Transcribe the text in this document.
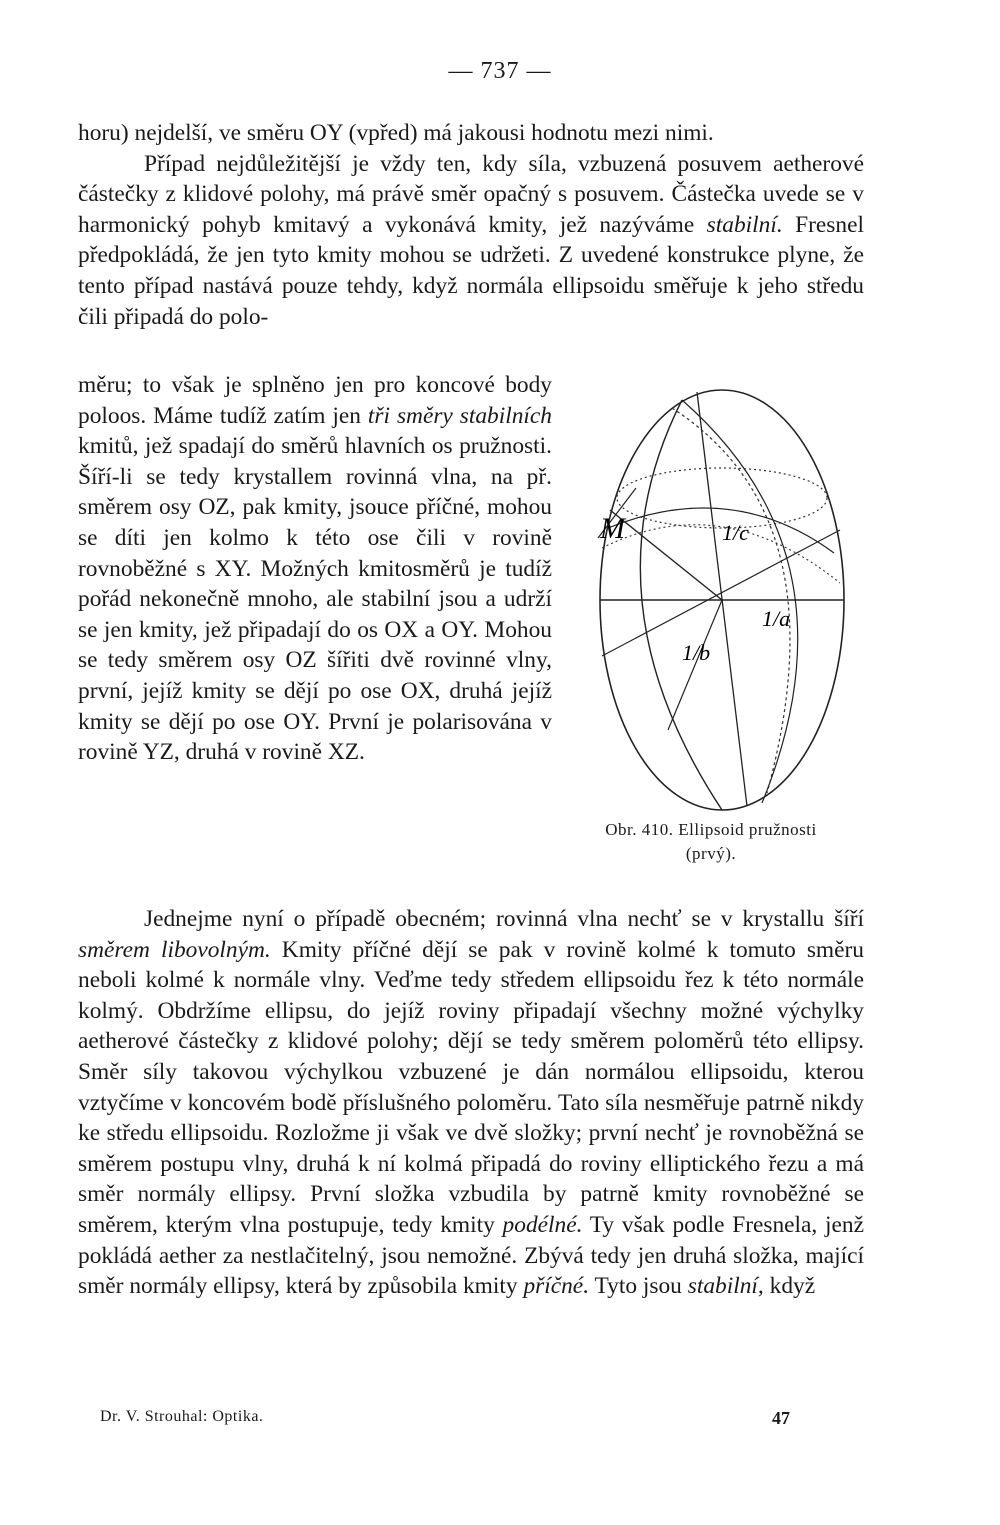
— 737 —

horu) nejdelší, ve směru OY (vpřed) má jakousi hodnotu mezi nimi.

Případ nejdůležitější je vždy ten, kdy síla, vzbuzená posuvem aetherové částečky z klidové polohy, má právě směr opačný s posuvem. Částečka uvede se v harmonický pohyb kmitavý a vykonává kmity, jež nazýváme stabilní. Fresnel předpokládá, že jen tyto kmity mohou se udržeti. Z uvedené konstrukce plyne, že tento případ nastává pouze tehdy, když normála ellipsoidu směřuje k jeho středu čili připadá do polo-

měru; to však je splněno jen pro koncové body poloos. Máme tudíž zatím jen tři směry stabilních kmitů, jež spadají do směrů hlavních os pružnosti. Šíří-li se tedy krystallem rovinná vlna, na př. směrem osy OZ, pak kmity, jsouce příčné, mohou se díti jen kolmo k této ose čili v rovině rovnoběžné s XY. Možných kmitosměrů je tudíž pořád nekonečně mnoho, ale stabilní jsou a udrží se jen kmity, jež připadají do os OX a OY. Mohou se tedy směrem osy OZ šířiti dvě rovinné vlny, první, jejíž kmity se dějí po ose OX, druhá jejíž kmity se dějí po ose OY. První je polarisována v rovině YZ, druhá v rovině XZ.

M	1/c
1/a
1/b
Obr. 410. Ellipsoid pružnosti
(prvý).

Jednejme nyní o případě obecném; rovinná vlna nechť se v krystallu šíří směrem libovolným. Kmity příčné dějí se pak v rovině kolmé k tomuto směru neboli kolmé k normále vlny. Veďme tedy středem ellipsoidu řez k této normále kolmý. Obdržíme ellipsu, do jejíž roviny připadají všechny možné výchylky aetherové částečky z klidové polohy; dějí se tedy směrem poloměrů této ellipsy. Směr síly takovou výchylkou vzbuzené je dán normálou ellipsoidu, kterou vztyčíme v koncovém bodě příslušného poloměru. Tato síla nesměřuje patrně nikdy ke středu ellipsoidu. Rozložme ji však ve dvě složky; první nechť je rovnoběžná se směrem postupu vlny, druhá k ní kolmá připadá do roviny elliptického řezu a má směr normály ellipsy. První složka vzbudila by patrně kmity rovnoběžné se směrem, kterým vlna postupuje, tedy kmity podélné. Ty však podle Fresnela, jenž pokládá aether za nestlačitelný, jsou nemožné. Zbývá tedy jen druhá složka, mající směr normály ellipsy, která by způsobila kmity příčné. Tyto jsou stabilní, když

Dr. V. Strouhal: Optika.	47
